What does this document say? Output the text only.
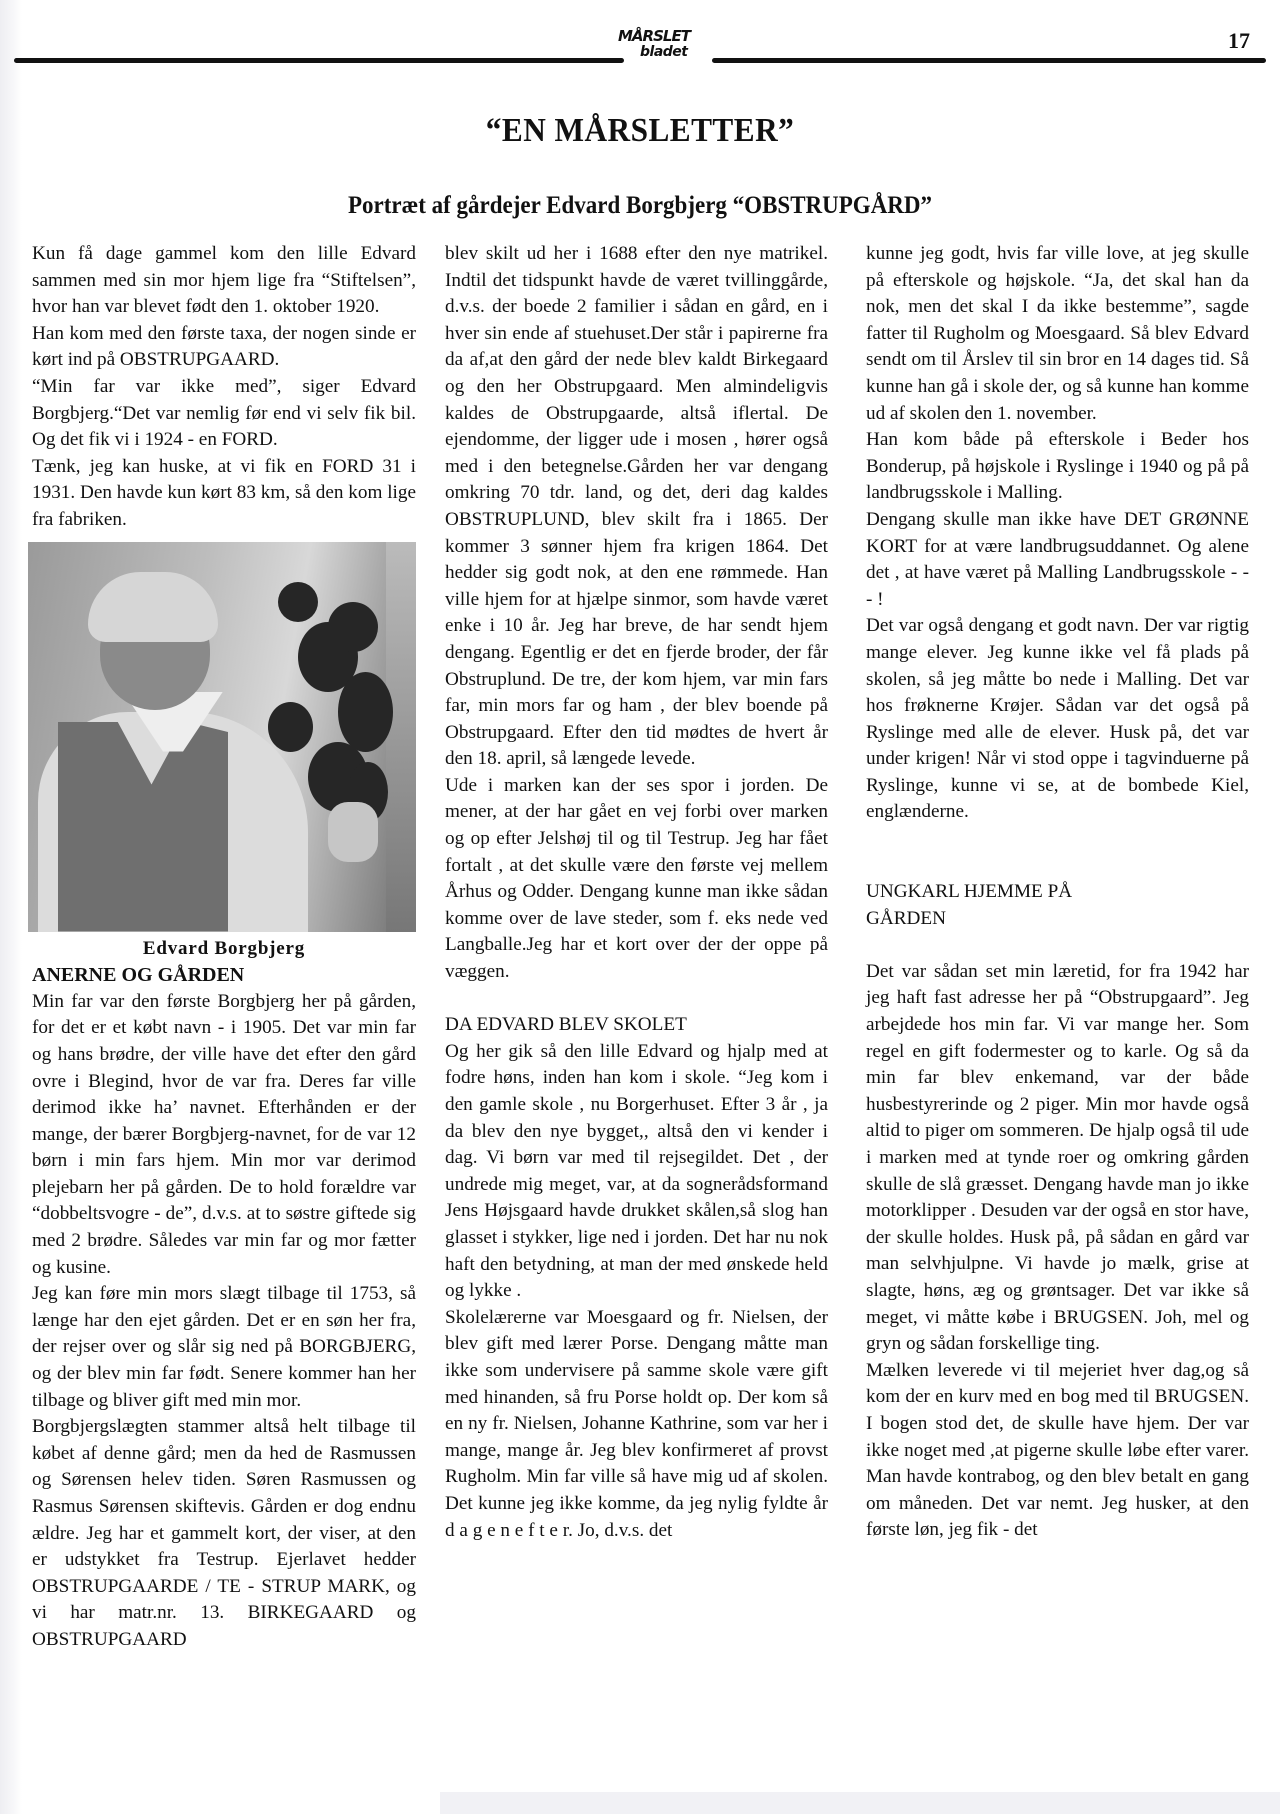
MÅRSLET
bladet	17
“EN MÅRSLETTER”
Portræt af gårdejer Edvard Borgbjerg “OBSTRUPGÅRD”

Kun få dage gammel kom den lille Edvard sammen med sin mor hjem lige fra “Stiftelsen”, hvor han var blevet født den 1. oktober 1920.

Han kom med den første taxa, der nogen sinde er kørt ind på OBSTRUPGAARD.

“Min far var ikke med”, siger Edvard Borgbjerg.“Det var nemlig før end vi selv fik bil. Og det fik vi i 1924 - en FORD.

Tænk, jeg kan huske, at vi fik en FORD 31 i 1931. Den havde kun kørt 83 km, så den kom lige fra fabriken.

Edvard Borgbjerg
ANERNE OG GÅRDEN

Min far var den første Borgbjerg her på gården, for det er et købt navn - i 1905. Det var min far og hans brødre, der ville have det efter den gård ovre i Blegind, hvor de var fra. Deres far ville derimod ikke ha’ navnet. Efterhånden er der mange, der bærer Borgbjerg-navnet, for de var 12 børn i min fars hjem. Min mor var derimod plejebarn her på gården. De to hold forældre var “dobbeltsvogre - de”, d.v.s. at to søstre giftede sig med 2 brødre. Således var min far og mor fætter og kusine.

Jeg kan føre min mors slægt tilbage til 1753, så længe har den ejet gården. Det er en søn her fra, der rejser over og slår sig ned på BORGBJERG, og der blev min far født. Senere kommer han her tilbage og bliver gift med min mor.

Borgbjergslægten stammer altså helt tilbage til købet af denne gård; men da hed de Rasmussen og Sørensen helev tiden. Søren Rasmussen og Rasmus Sørensen skiftevis. Gården er dog endnu ældre. Jeg har et gammelt kort, der viser, at den er udstykket fra Testrup. Ejerlavet hedder OBSTRUPGAARDE / TE - STRUP MARK, og vi har matr.nr. 13. BIRKEGAARD og OBSTRUPGAARD

blev skilt ud her i 1688 efter den nye matrikel. Indtil det tidspunkt havde de været tvillinggårde, d.v.s. der boede 2 familier i sådan en gård, en i hver sin ende af stuehuset.Der står i papirerne fra da af,at den gård der nede blev kaldt Birkegaard og den her Obstrupgaard. Men almindeligvis kaldes de Obstrupgaarde, altså iflertal. De ejendomme, der ligger ude i mosen , hører også med i den betegnelse.Gården her var dengang omkring 70 tdr. land, og det, deri dag kaldes OBSTRUPLUND, blev skilt fra i 1865. Der kommer 3 sønner hjem fra krigen 1864. Det hedder sig godt nok, at den ene rømmede. Han ville hjem for at hjælpe sinmor, som havde været enke i 10 år. Jeg har breve, de har sendt hjem dengang. Egentlig er det en fjerde broder, der får Obstruplund. De tre, der kom hjem, var min fars far, min mors far og ham , der blev boende på Obstrupgaard. Efter den tid mødtes de hvert år den 18. april, så længede levede.

Ude i marken kan der ses spor i jorden. De mener, at der har gået en vej forbi over marken og op efter Jelshøj til og til Testrup. Jeg har fået fortalt , at det skulle være den første vej mellem Århus og Odder. Dengang kunne man ikke sådan komme over de lave steder, som f. eks nede ved Langballe.Jeg har et kort over der der oppe på væggen.

DA EDVARD BLEV SKOLET

Og her gik så den lille Edvard og hjalp med at fodre høns, inden han kom i skole. “Jeg kom i den gamle skole , nu Borgerhuset. Efter 3 år , ja da blev den nye bygget,, altså den vi kender i dag. Vi børn var med til rejsegildet. Det , der undrede mig meget, var, at da sognerådsformand Jens Højsgaard havde drukket skålen,så slog han glasset i stykker, lige ned i jorden. Det har nu nok haft den betydning, at man der med ønskede held og lykke .

Skolelærerne var Moesgaard og fr. Nielsen, der blev gift med lærer Porse. Dengang måtte man ikke som undervisere på samme skole være gift med hinanden, så fru Porse holdt op. Der kom så en ny fr. Nielsen, Johanne Kathrine, som var her i mange, mange år. Jeg blev konfirmeret af provst Rugholm. Min far ville så have mig ud af skolen. Det kunne jeg ikke komme, da jeg nylig fyldte år d a g e n e f t e r. Jo, d.v.s. det

kunne jeg godt, hvis far ville love, at jeg skulle på efterskole og højskole. “Ja, det skal han da nok, men det skal I da ikke bestemme”, sagde fatter til Rugholm og Moesgaard. Så blev Edvard sendt om til Årslev til sin bror en 14 dages tid. Så kunne han gå i skole der, og så kunne han komme ud af skolen den 1. november.

Han kom både på efterskole i Beder hos Bonderup, på højskole i Ryslinge i 1940 og på på landbrugsskole i Malling.

Dengang skulle man ikke have DET GRØNNE KORT for at være landbrugsuddannet. Og alene det , at have været på Malling Landbrugsskole - - - !

Det var også dengang et godt navn. Der var rigtig mange elever. Jeg kunne ikke vel få plads på skolen, så jeg måtte bo nede i Malling. Det var hos frøknerne Krøjer. Sådan var det også på Ryslinge med alle de elever. Husk på, det var under krigen! Når vi stod oppe i tagvinduerne på Ryslinge, kunne vi se, at de bombede Kiel, englænderne.

UNGKARL HJEMME PÅ
GÅRDEN

Det var sådan set min læretid, for fra 1942 har jeg haft fast adresse her på “Obstrupgaard”. Jeg arbejdede hos min far. Vi var mange her. Som regel en gift fodermester og to karle. Og så da min far blev enkemand, var der både husbestyrerinde og 2 piger. Min mor havde også altid to piger om sommeren. De hjalp også til ude i marken med at tynde roer og omkring gården skulle de slå græsset. Dengang havde man jo ikke motorklipper . Desuden var der også en stor have, der skulle holdes. Husk på, på sådan en gård var man selvhjulpne. Vi havde jo mælk, grise at slagte, høns, æg og grøntsager. Det var ikke så meget, vi måtte købe i BRUGSEN. Joh, mel og gryn og sådan forskellige ting.

Mælken leverede vi til mejeriet hver dag,og så kom der en kurv med en bog med til BRUGSEN. I bogen stod det, de skulle have hjem. Der var ikke noget med ,at pigerne skulle løbe efter varer. Man havde kontrabog, og den blev betalt en gang om måneden. Det var nemt. Jeg husker, at den første løn, jeg fik - det
